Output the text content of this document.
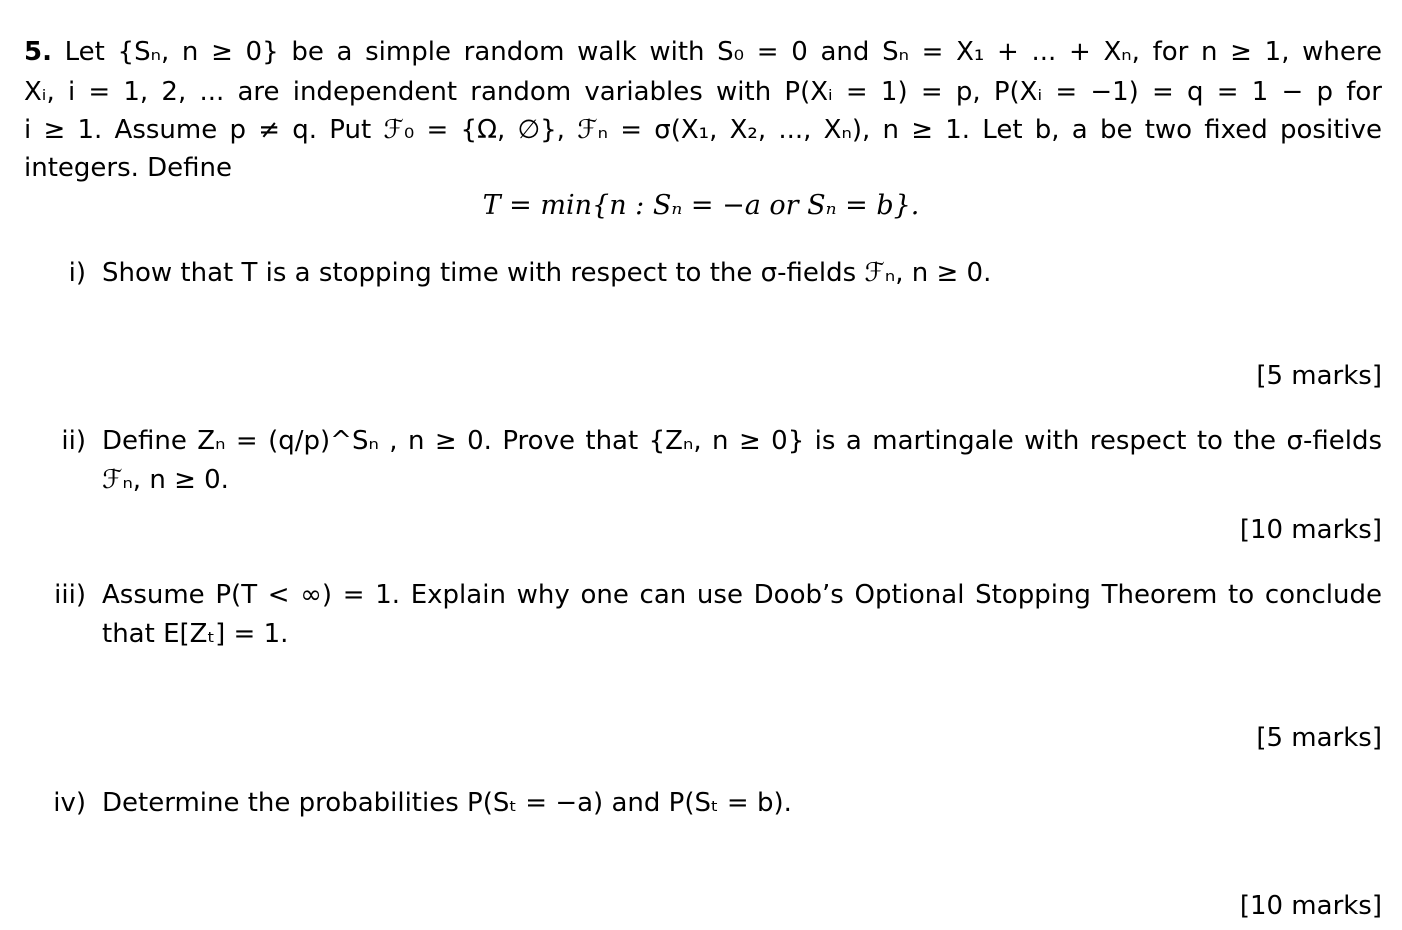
5. Let {Sₙ, n ≥ 0} be a simple random walk with S₀ = 0 and Sₙ = X₁ + ... + Xₙ, for n ≥ 1, where
Xᵢ, i = 1, 2, ... are independent random variables with P(Xᵢ = 1) = p, P(Xᵢ = −1) = q = 1 − p for
i ≥ 1. Assume p ≠ q. Put ℱ₀ = {Ω, ∅}, ℱₙ = σ(X₁, X₂, ..., Xₙ), n ≥ 1. Let b, a be two fixed positive
integers. Define
T = min{n : Sₙ = −a or Sₙ = b}.
i) Show that T is a stopping time with respect to the σ-fields ℱₙ, n ≥ 0.
[5 marks]
ii) Define Zₙ = (q/p)^Sₙ , n ≥ 0. Prove that {Zₙ, n ≥ 0} is a martingale with respect to the σ-fields
ℱₙ, n ≥ 0.
[10 marks]
iii) Assume P(T < ∞) = 1. Explain why one can use Doob’s Optional Stopping Theorem to conclude
that E[Zₜ] = 1.
[5 marks]
iv) Determine the probabilities P(Sₜ = −a) and P(Sₜ = b).
[10 marks]
